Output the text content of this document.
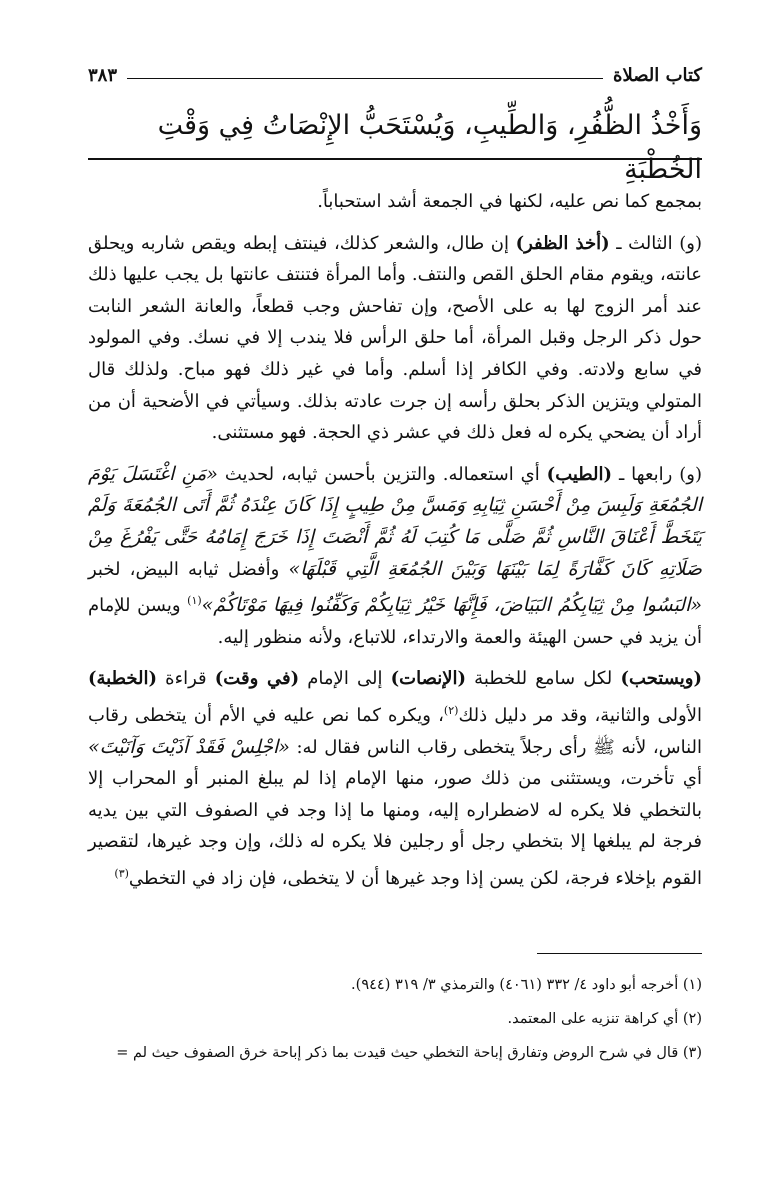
كتاب الصلاة
٣٨٣
وَأَخْذُ الظُّفُرِ، وَالطِّيبِ، وَيُسْتَحَبُّ الإِنْصَاتُ فِي وَقْتِ الخُطْبَةِ

بمجمع كما نص عليه، لكنها في الجمعة أشد استحباباً.

(و) الثالث ـ (أخذ الظفر) إن طال، والشعر كذلك، فينتف إبطه ويقص شاربه ويحلق عانته، ويقوم مقام الحلق القص والنتف. وأما المرأة فتنتف عانتها بل يجب عليها ذلك عند أمر الزوج لها به على الأصح، وإن تفاحش وجب قطعاً، والعانة الشعر النابت حول ذكر الرجل وقبل المرأة، أما حلق الرأس فلا يندب إلا في نسك. وفي المولود في سابع ولادته. وفي الكافر إذا أسلم. وأما في غير ذلك فهو مباح. ولذلك قال المتولي ويتزين الذكر بحلق رأسه إن جرت عادته بذلك. وسيأتي في الأضحية أن من أراد أن يضحي يكره له فعل ذلك في عشر ذي الحجة. فهو مستثنى.

(و) رابعها ـ (الطيب) أي استعماله. والتزين بأحسن ثيابه، لحديث «مَنِ اغْتَسَلَ يَوْمَ الجُمُعَةِ وَلَبِسَ مِنْ أَحْسَنِ ثِيَابِهِ وَمَسَّ مِنْ طِيبٍ إِذَا كَانَ عِنْدَهُ ثُمَّ أَتَى الجُمُعَةَ وَلَمْ يَتَخَطَّ أَعْنَاقَ النَّاسِ ثُمَّ صَلَّى مَا كُتِبَ لَهُ ثُمَّ أَنْصَتَ إِذَا خَرَجَ إِمَامُهُ حَتَّى يَفْرُغَ مِنْ صَلَاتِهِ كَانَ كَفَّارَةً لِمَا بَيْنَهَا وَبَيْنَ الجُمُعَةِ الَّتِي قَبْلَهَا» وأفضل ثيابه البيض، لخبر «البَسُوا مِنْ ثِيَابِكُمُ البَيَاضَ، فَإِنَّهَا خَيْرُ ثِيَابِكُمْ وَكَفِّنُوا فِيهَا مَوْتَاكُمْ»$^{(١)}$ ويسن للإمام أن يزيد في حسن الهيئة والعمة والارتداء، للاتباع، ولأنه منظور إليه.

(ويستحب) لكل سامع للخطبة (الإنصات) إلى الإمام (في وقت) قراءة (الخطبة) الأولى والثانية، وقد مر دليل ذلك$^{(٢)}$، ويكره كما نص عليه في الأم أن يتخطى رقاب الناس، لأنه ﷺ رأى رجلاً يتخطى رقاب الناس فقال له: «اجْلِسْ فَقَدْ آذَيْتَ وَآنَيْتَ» أي تأخرت، ويستثنى من ذلك صور، منها الإمام إذا لم يبلغ المنبر أو المحراب إلا بالتخطي فلا يكره له لاضطراره إليه، ومنها ما إذا وجد في الصفوف التي بين يديه فرجة لم يبلغها إلا بتخطي رجل أو رجلين فلا يكره له ذلك، وإن وجد غيرها، لتقصير القوم بإخلاء فرجة، لكن يسن إذا وجد غيرها أن لا يتخطى، فإن زاد في التخطي$^{(٣)}$

(١) أخرجه أبو داود ٤/ ٣٣٢ (٤٠٦١) والترمذي ٣/ ٣١٩ (٩٤٤).
(٢) أي كراهة تنزيه على المعتمد.
(٣) قال في شرح الروض وتفارق إباحة التخطي حيث قيدت بما ذكر إباحة خرق الصفوف حيث لم =
